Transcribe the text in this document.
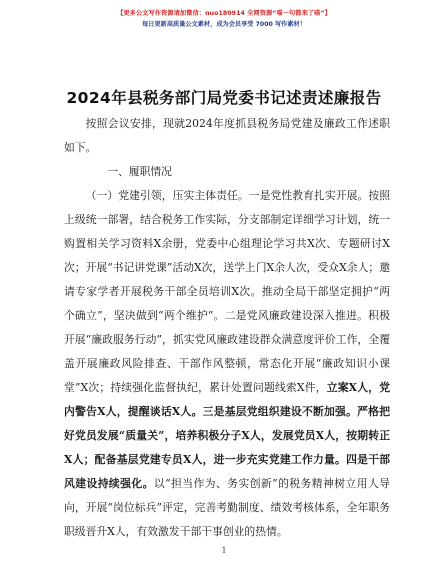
【更多公文写作资源请加微信：nuo180914 全网资源“喵一句都来了喵”】
每日更新高质量公文素材，成为会员享受 7000 写作素材！
2024年县税务部门局党委书记述责述廉报告

按照会议安排，现就2024年度抓县税务局党建及廉政工作述职如下。

一、履职情况

（一）党建引领，压实主体责任。一是党性教育扎实开展。按照上级统一部署，结合税务工作实际，分支部制定详细学习计划，统一购置相关学习资料X余册，党委中心组理论学习共X次、专题研讨X次；开展“书记讲党课”活动X次，送学上门X余人次，受众X余人；邀请专家学者开展税务干部全员培训X次。推动全局干部坚定拥护“两个确立”，坚决做到“两个维护”。二是党风廉政建设深入推进。积极开展“廉政服务行动”，抓实党风廉政建设群众满意度评价工作，全覆盖开展廉政风险排查、干部作风整顿，常态化开展“廉政知识小课堂”X次；持续强化监督执纪，累计处置问题线索X件，立案X人，党内警告X人，提醒谈话X人。三是基层党组织建设不断加强。严格把好党员发展“质量关”，培养积极分子X人，发展党员X人，按期转正X人；配备基层党建专员X人，进一步充实党建工作力量。四是干部风建设持续强化。以“担当作为、务实创新”的税务精神树立用人导向，开展“岗位标兵”评定，完善考勤制度、绩效考核体系，全年职务职级晋升X人，有效激发干部干事创业的热情。

1
